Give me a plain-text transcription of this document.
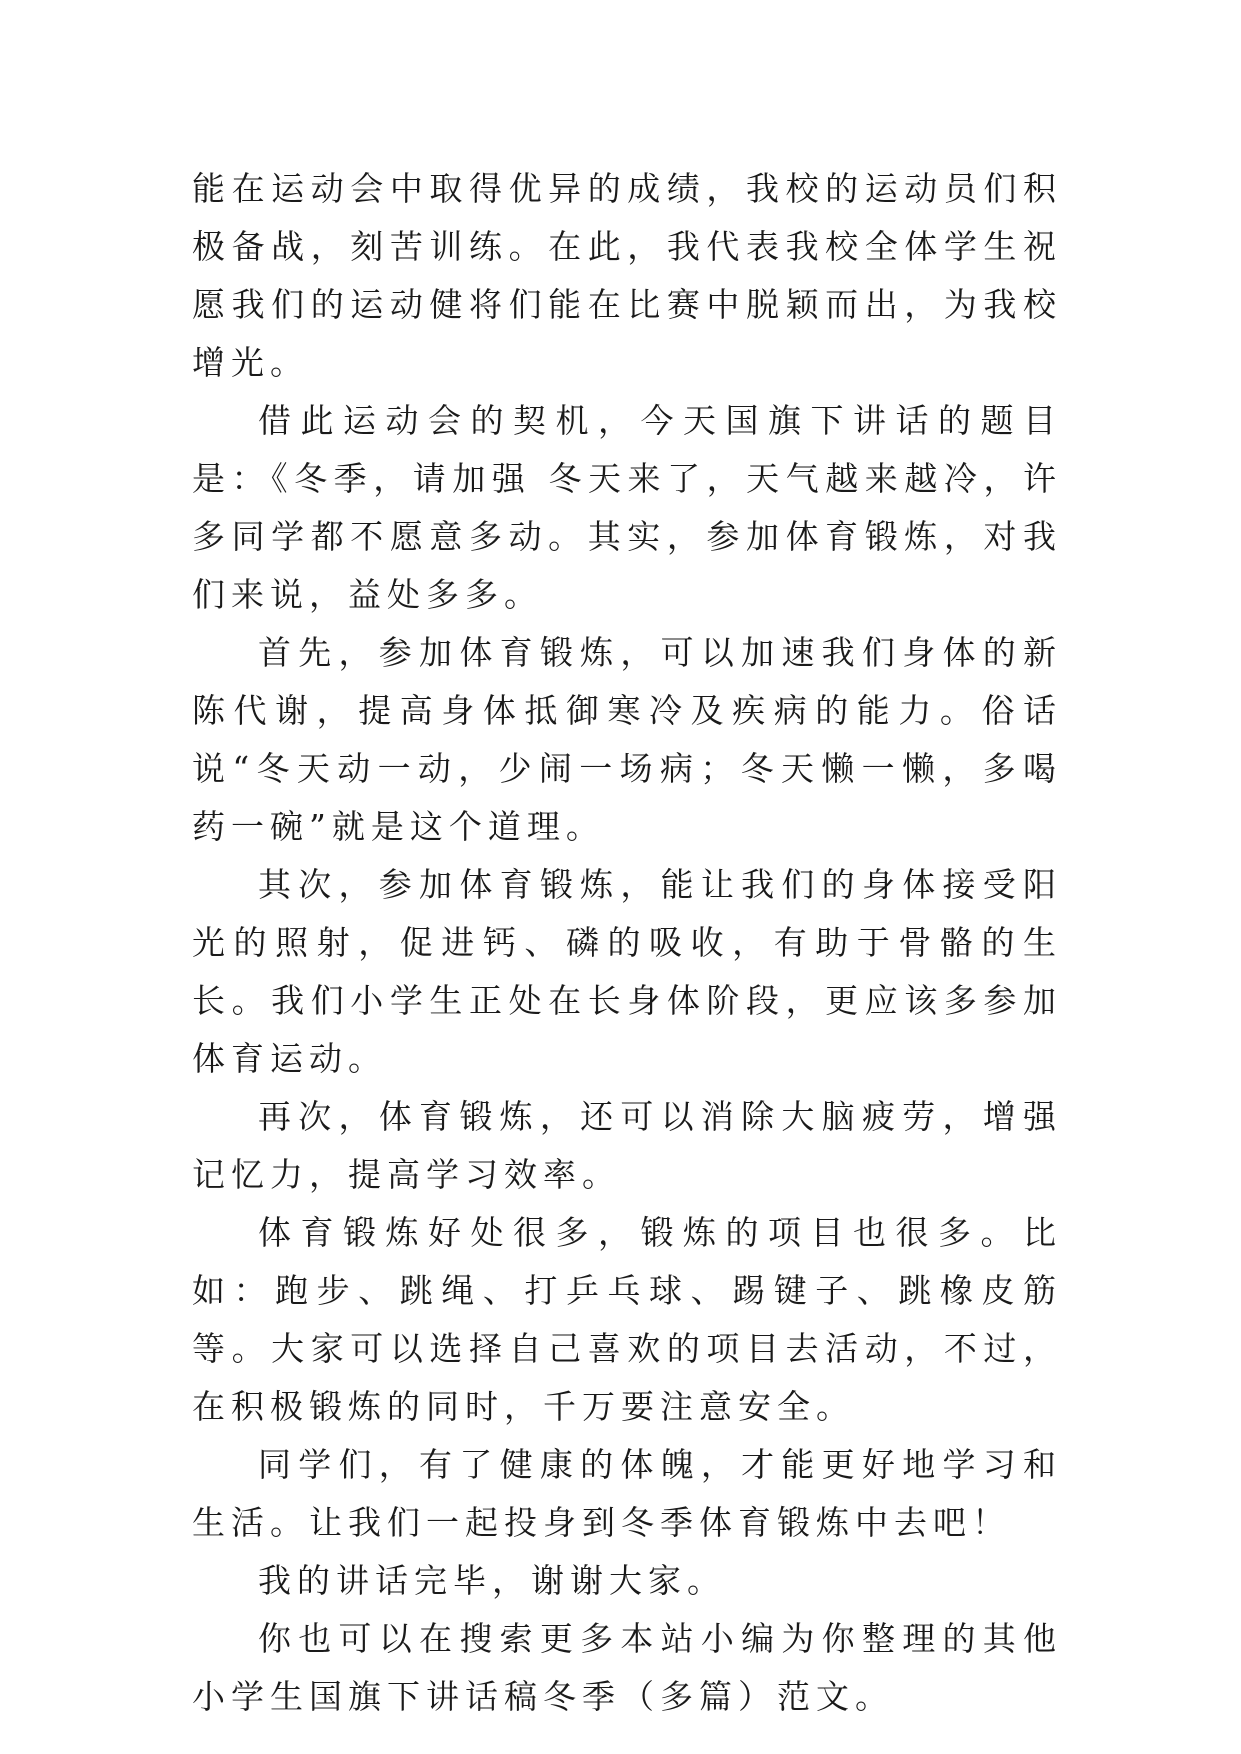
能在运动会中取得优异的成绩，我校的运动员们积极备战，刻苦训练。在此，我代表我校全体学生祝愿我们的运动健将们能在比赛中脱颖而出，为我校增光。

借此运动会的契机，今天国旗下讲话的题目是：《冬季，请加强 冬天来了，天气越来越冷，许多同学都不愿意多动。其实，参加体育锻炼，对我们来说，益处多多。

首先，参加体育锻炼，可以加速我们身体的新陈代谢，提高身体抵御寒冷及疾病的能力。俗话说“冬天动一动，少闹一场病；冬天懒一懒，多喝药一碗”就是这个道理。

其次，参加体育锻炼，能让我们的身体接受阳光的照射，促进钙、磷的吸收，有助于骨骼的生长。我们小学生正处在长身体阶段，更应该多参加体育运动。

再次，体育锻炼，还可以消除大脑疲劳，增强记忆力，提高学习效率。

体育锻炼好处很多，锻炼的项目也很多。比如：跑步、跳绳、打乒乓球、踢键子、跳橡皮筋等。大家可以选择自己喜欢的项目去活动，不过，在积极锻炼的同时，千万要注意安全。

同学们，有了健康的体魄，才能更好地学习和生活。让我们一起投身到冬季体育锻炼中去吧！

我的讲话完毕，谢谢大家。

你也可以在搜索更多本站小编为你整理的其他小学生国旗下讲话稿冬季（多篇）范文。
